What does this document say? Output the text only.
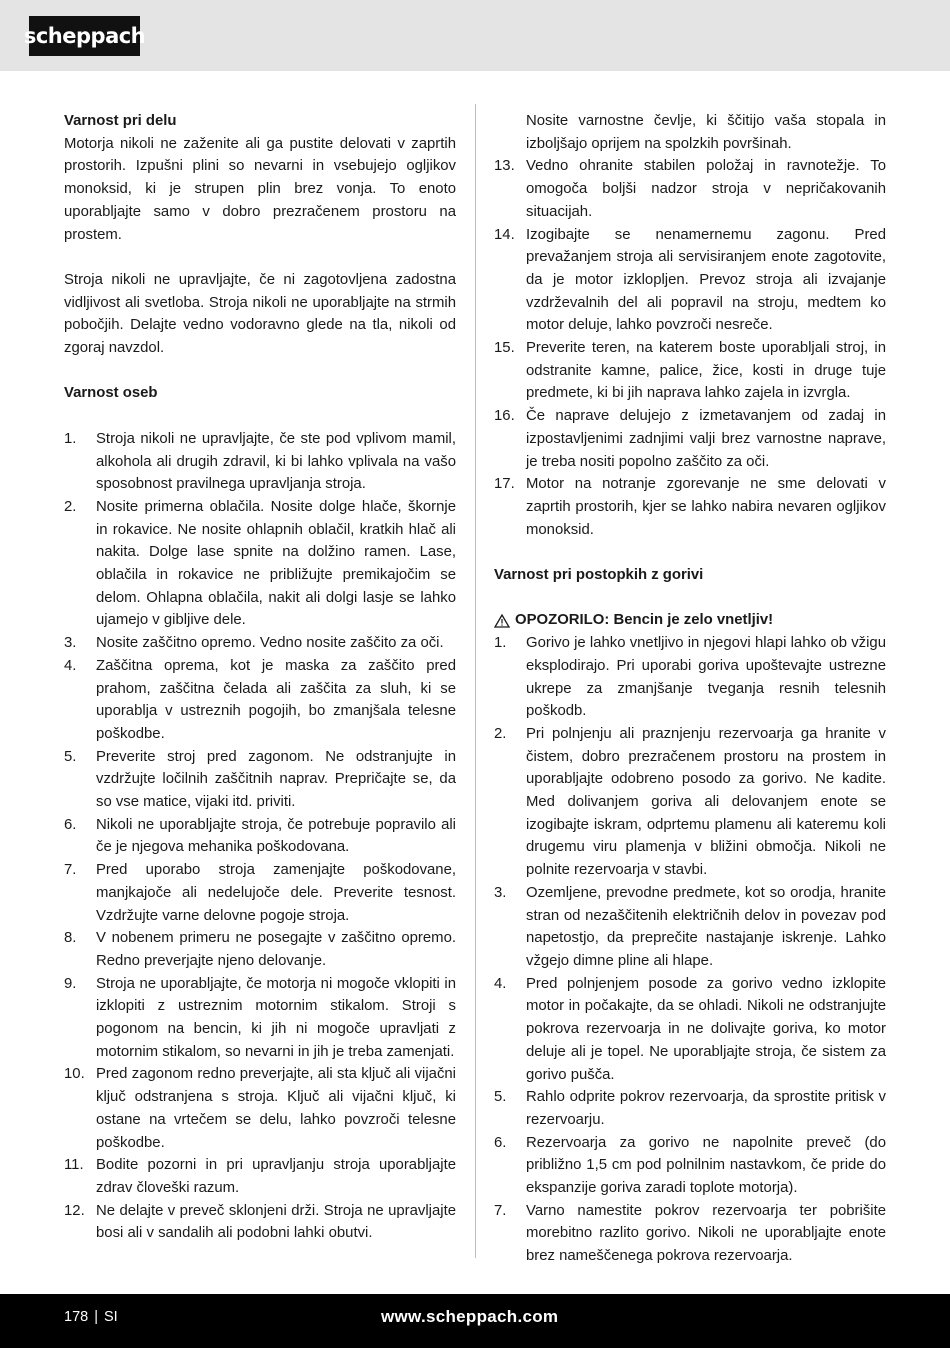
scheppach
Varnost pri delu

Motorja nikoli ne zaženite ali ga pustite delovati v zaprtih prostorih. Izpušni plini so nevarni in vsebujejo ogljikov monoksid, ki je strupen plin brez vonja. To enoto uporabljajte samo v dobro prezračenem prostoru na prostem.

Stroja nikoli ne upravljajte, če ni zagotovljena zadostna vidljivost ali svetloba. Stroja nikoli ne uporabljajte na strmih pobočjih. Delajte vedno vodoravno glede na tla, nikoli od zgoraj navzdol.

Varnost oseb
1.	Stroja nikoli ne upravljajte, če ste pod vplivom mamil, alkohola ali drugih zdravil, ki bi lahko vplivala na vašo sposobnost pravilnega upravljanja stroja.
2.	Nosite primerna oblačila. Nosite dolge hlače, škornje in rokavice. Ne nosite ohlapnih oblačil, kratkih hlač ali nakita. Dolge lase spnite na dolžino ramen. Lase, oblačila in rokavice ne približujte premikajočim se delom. Ohlapna oblačila, nakit ali dolgi lasje se lahko ujamejo v gibljive dele.
3.	Nosite zaščitno opremo. Vedno nosite zaščito za oči.
4.	Zaščitna oprema, kot je maska za zaščito pred prahom, zaščitna čelada ali zaščita za sluh, ki se uporablja v ustreznih pogojih, bo zmanjšala telesne poškodbe.
5.	Preverite stroj pred zagonom. Ne odstranjujte in vzdržujte ločilnih zaščitnih naprav. Prepričajte se, da so vse matice, vijaki itd. priviti.
6.	Nikoli ne uporabljajte stroja, če potrebuje popravilo ali če je njegova mehanika poškodovana.
7.	Pred uporabo stroja zamenjajte poškodovane, manjkajoče ali nedelujoče dele. Preverite tesnost. Vzdržujte varne delovne pogoje stroja.
8.	V nobenem primeru ne posegajte v zaščitno opremo. Redno preverjajte njeno delovanje.
9.	Stroja ne uporabljajte, če motorja ni mogoče vklopiti in izklopiti z ustreznim motornim stikalom. Stroji s pogonom na bencin, ki jih ni mogoče upravljati z motornim stikalom, so nevarni in jih je treba zamenjati.
10. Pred zagonom redno preverjajte, ali sta ključ ali vijačni ključ odstranjena s stroja. Ključ ali vijačni ključ, ki ostane na vrtečem se delu, lahko povzroči telesne poškodbe.
11. Bodite pozorni in pri upravljanju stroja uporabljajte zdrav človeški razum.
12. Ne delajte v preveč sklonjeni drži. Stroja ne upravljajte bosi ali v sandalih ali podobni lahki obutvi.
Nosite varnostne čevlje, ki ščitijo vaša stopala in izboljšajo oprijem na spolzkih površinah.
13. Vedno ohranite stabilen položaj in ravnotežje. To omogoča boljši nadzor stroja v nepričakovanih situacijah.
14. Izogibajte se nenamernemu zagonu. Pred prevažanjem stroja ali servisiranjem enote zagotovite, da je motor izklopljen. Prevoz stroja ali izvajanje vzdrževalnih del ali popravil na stroju, medtem ko motor deluje, lahko povzroči nesreče.
15. Preverite teren, na katerem boste uporabljali stroj, in odstranite kamne, palice, žice, kosti in druge tuje predmete, ki bi jih naprava lahko zajela in izvrgla.
16. Če naprave delujejo z izmetavanjem od zadaj in izpostavljenimi zadnjimi valji brez varnostne naprave, je treba nositi popolno zaščito za oči.
17. Motor na notranje zgorevanje ne sme delovati v zaprtih prostorih, kjer se lahko nabira nevaren ogljikov monoksid.
Varnost pri postopkih z gorivi
OPOZORILO: Bencin je zelo vnetljiv!
1.	Gorivo je lahko vnetljivo in njegovi hlapi lahko ob vžigu eksplodirajo. Pri uporabi goriva upoštevajte ustrezne ukrepe za zmanjšanje tveganja resnih telesnih poškodb.
2.	Pri polnjenju ali praznjenju rezervoarja ga hranite v čistem, dobro prezračenem prostoru na prostem in uporabljajte odobreno posodo za gorivo. Ne kadite. Med dolivanjem goriva ali delovanjem enote se izogibajte iskram, odprtemu plamenu ali kateremu koli drugemu viru plamenja v bližini območja. Nikoli ne polnite rezervoarja v stavbi.
3.	Ozemljene, prevodne predmete, kot so orodja, hranite stran od nezaščitenih električnih delov in povezav pod napetostjo, da preprečite nastajanje iskrenje. Lahko vžgejo dimne pline ali hlape.
4.	Pred polnjenjem posode za gorivo vedno izklopite motor in počakajte, da se ohladi. Nikoli ne odstranjujte pokrova rezervoarja in ne dolivajte goriva, ko motor deluje ali je topel. Ne uporabljajte stroja, če sistem za gorivo pušča.
5.	Rahlo odprite pokrov rezervoarja, da sprostite pritisk v rezervoarju.
6.	Rezervoarja za gorivo ne napolnite preveč (do približno 1,5 cm pod polnilnim nastavkom, če pride do ekspanzije goriva zaradi toplote motorja).
7.	Varno namestite pokrov rezervoarja ter pobrišite morebitno razlito gorivo. Nikoli ne uporabljajte enote brez nameščenega pokrova rezervoarja.
178 | SI	www.scheppach.com
